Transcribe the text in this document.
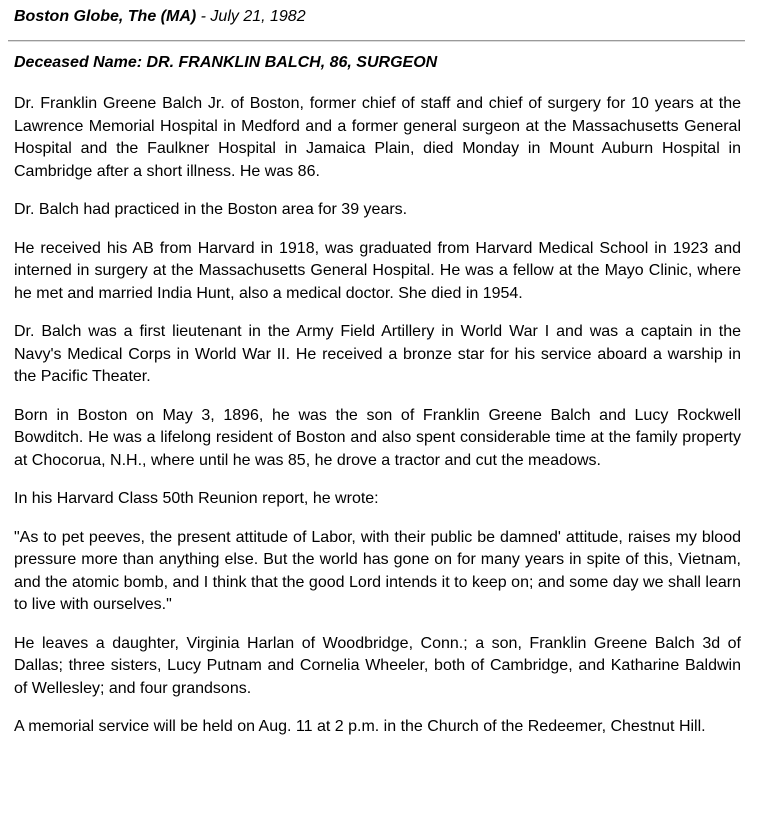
Boston Globe, The (MA) - July 21, 1982
Deceased Name: DR. FRANKLIN BALCH, 86, SURGEON

Dr. Franklin Greene Balch Jr. of Boston, former chief of staff and chief of surgery for 10 years at the Lawrence Memorial Hospital in Medford and a former general surgeon at the Massachusetts General Hospital and the Faulkner Hospital in Jamaica Plain, died Monday in Mount Auburn Hospital in Cambridge after a short illness. He was 86.

Dr. Balch had practiced in the Boston area for 39 years.

He received his AB from Harvard in 1918, was graduated from Harvard Medical School in 1923 and interned in surgery at the Massachusetts General Hospital. He was a fellow at the Mayo Clinic, where he met and married India Hunt, also a medical doctor. She died in 1954.

Dr. Balch was a first lieutenant in the Army Field Artillery in World War I and was a captain in the Navy's Medical Corps in World War II. He received a bronze star for his service aboard a warship in the Pacific Theater.

Born in Boston on May 3, 1896, he was the son of Franklin Greene Balch and Lucy Rockwell Bowditch. He was a lifelong resident of Boston and also spent considerable time at the family property at Chocorua, N.H., where until he was 85, he drove a tractor and cut the meadows.

In his Harvard Class 50th Reunion report, he wrote:

"As to pet peeves, the present attitude of Labor, with their public be damned' attitude, raises my blood pressure more than anything else. But the world has gone on for many years in spite of this, Vietnam, and the atomic bomb, and I think that the good Lord intends it to keep on; and some day we shall learn to live with ourselves."

He leaves a daughter, Virginia Harlan of Woodbridge, Conn.; a son, Franklin Greene Balch 3d of Dallas; three sisters, Lucy Putnam and Cornelia Wheeler, both of Cambridge, and Katharine Baldwin of Wellesley; and four grandsons.

A memorial service will be held on Aug. 11 at 2 p.m. in the Church of the Redeemer, Chestnut Hill.
